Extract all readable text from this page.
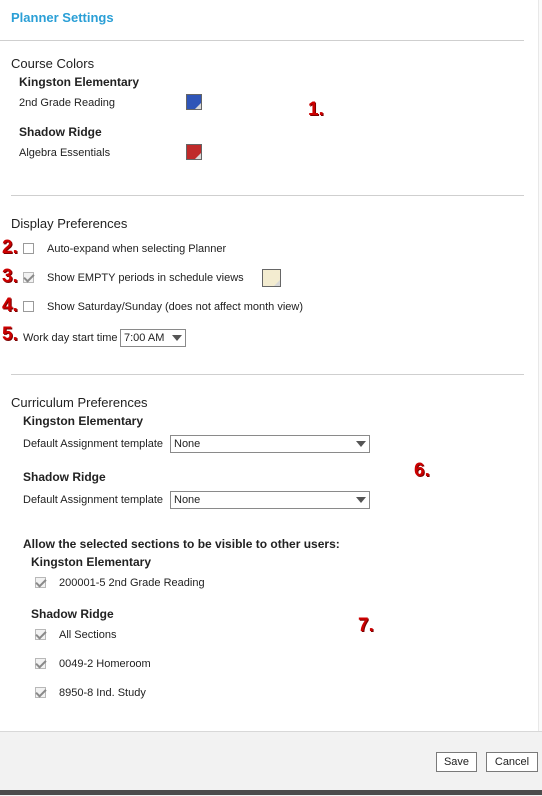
Planner Settings
Course Colors
Kingston Elementary
2nd Grade Reading
Shadow Ridge
Algebra Essentials
1.
Display Preferences
2.	Auto-expand when selecting Planner
3.	Show EMPTY periods in schedule views
4.	Show Saturday/Sunday (does not affect month view)
5. Work day start time 7:00 AM
Curriculum Preferences
Kingston Elementary
Default Assignment template None
Shadow Ridge
Default Assignment template None
6.
Allow the selected sections to be visible to other users:
Kingston Elementary
200001-5 2nd Grade Reading
Shadow Ridge
All Sections
0049-2 Homeroom
8950-8 Ind. Study
7.
Save	Cancel
